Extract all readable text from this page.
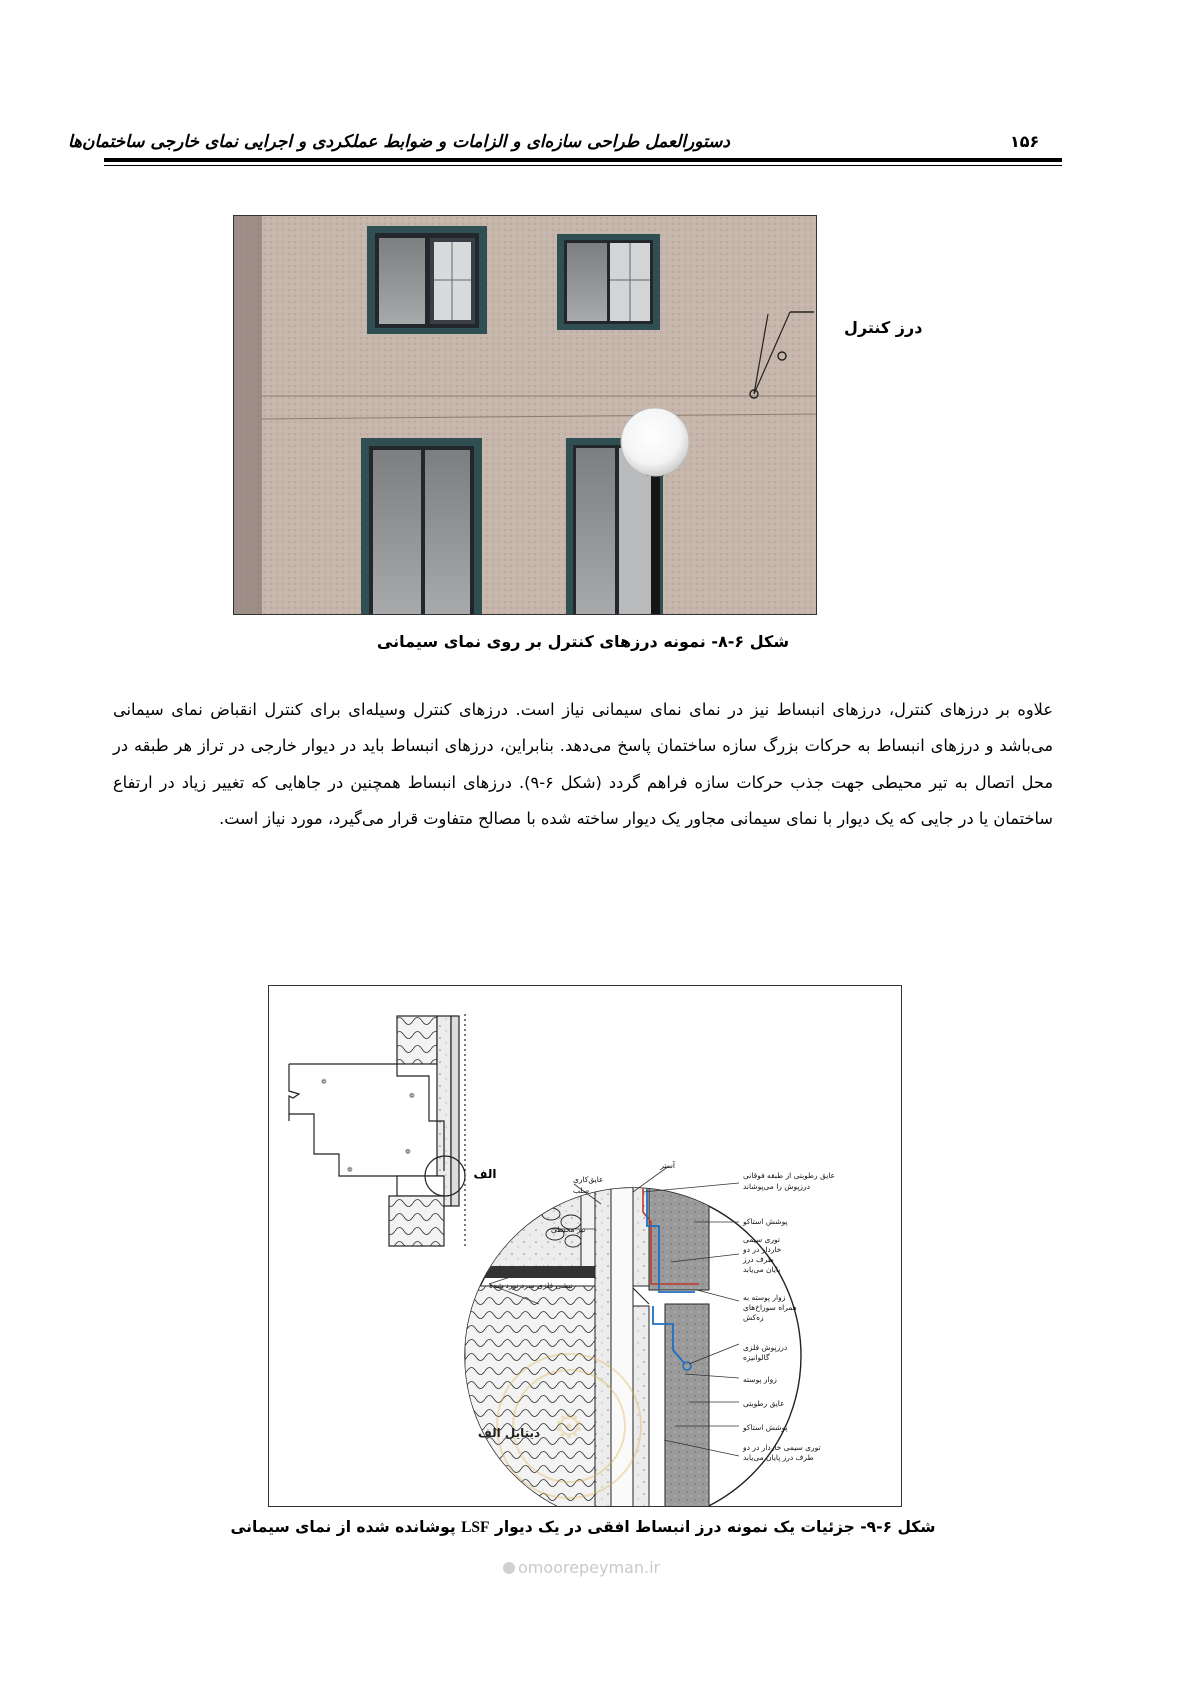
دستورالعمل طراحی سازه‌ای و الزامات و ضوابط عملکردی و اجرایی نمای خارجی ساختمان‌ها	۱۵۶
درز کنترل
شکل ۶-۸- نمونه درزهای کنترل بر روی نمای سیمانی

علاوه بر درزهای کنترل، درزهای انبساط نیز در نمای نمای سیمانی نیاز است. درزهای کنترل وسیله‌ای برای کنترل انقباض نمای سیمانی می‌باشد و درزهای انبساط به حرکات بزرگ سازه ساختمان پاسخ می‌دهد. بنابراین، درزهای انبساط باید در دیوار خارجی در تراز هر طبقه در محل اتصال به تیر محیطی جهت جذب حرکات سازه فراهم گردد (شکل ۶-۹). درزهای انبساط همچنین در جاهایی که تغییر زیاد در ارتفاع ساختمان یا در جایی که یک دیوار با نمای سیمانی مجاور یک دیوار ساخته شده با مصالح متفاوت قرار می‌گیرد، مورد نیاز است.

❁
❁
❁
❁	الف
⚙
عایق‌کاری
صلب
تیر محیطی
نبشی فلزی سرد نورد شده
آستر
عایق رطوبتی از طبقه فوقانی
درزپوش را می‌پوشاند
پوشش استاکو
توری سیمی
خاردار در دو
طرف درز
پایان می‌یابد
زوار پوسته به
همراه سوراخ‌های
زه‌کش
درزپوش فلزی
گالوانیزه
زوار پوسته
عایق رطوبتی
پوشش استاکو
توری سیمی خاردار در دو
طرف درز پایان می‌یابد
دیتایل الف
شکل ۶-۹- جزئیات یک نمونه درز انبساط افقی در یک دیوار LSF پوشانده شده از نمای سیمانی
omoorepeyman.ir
